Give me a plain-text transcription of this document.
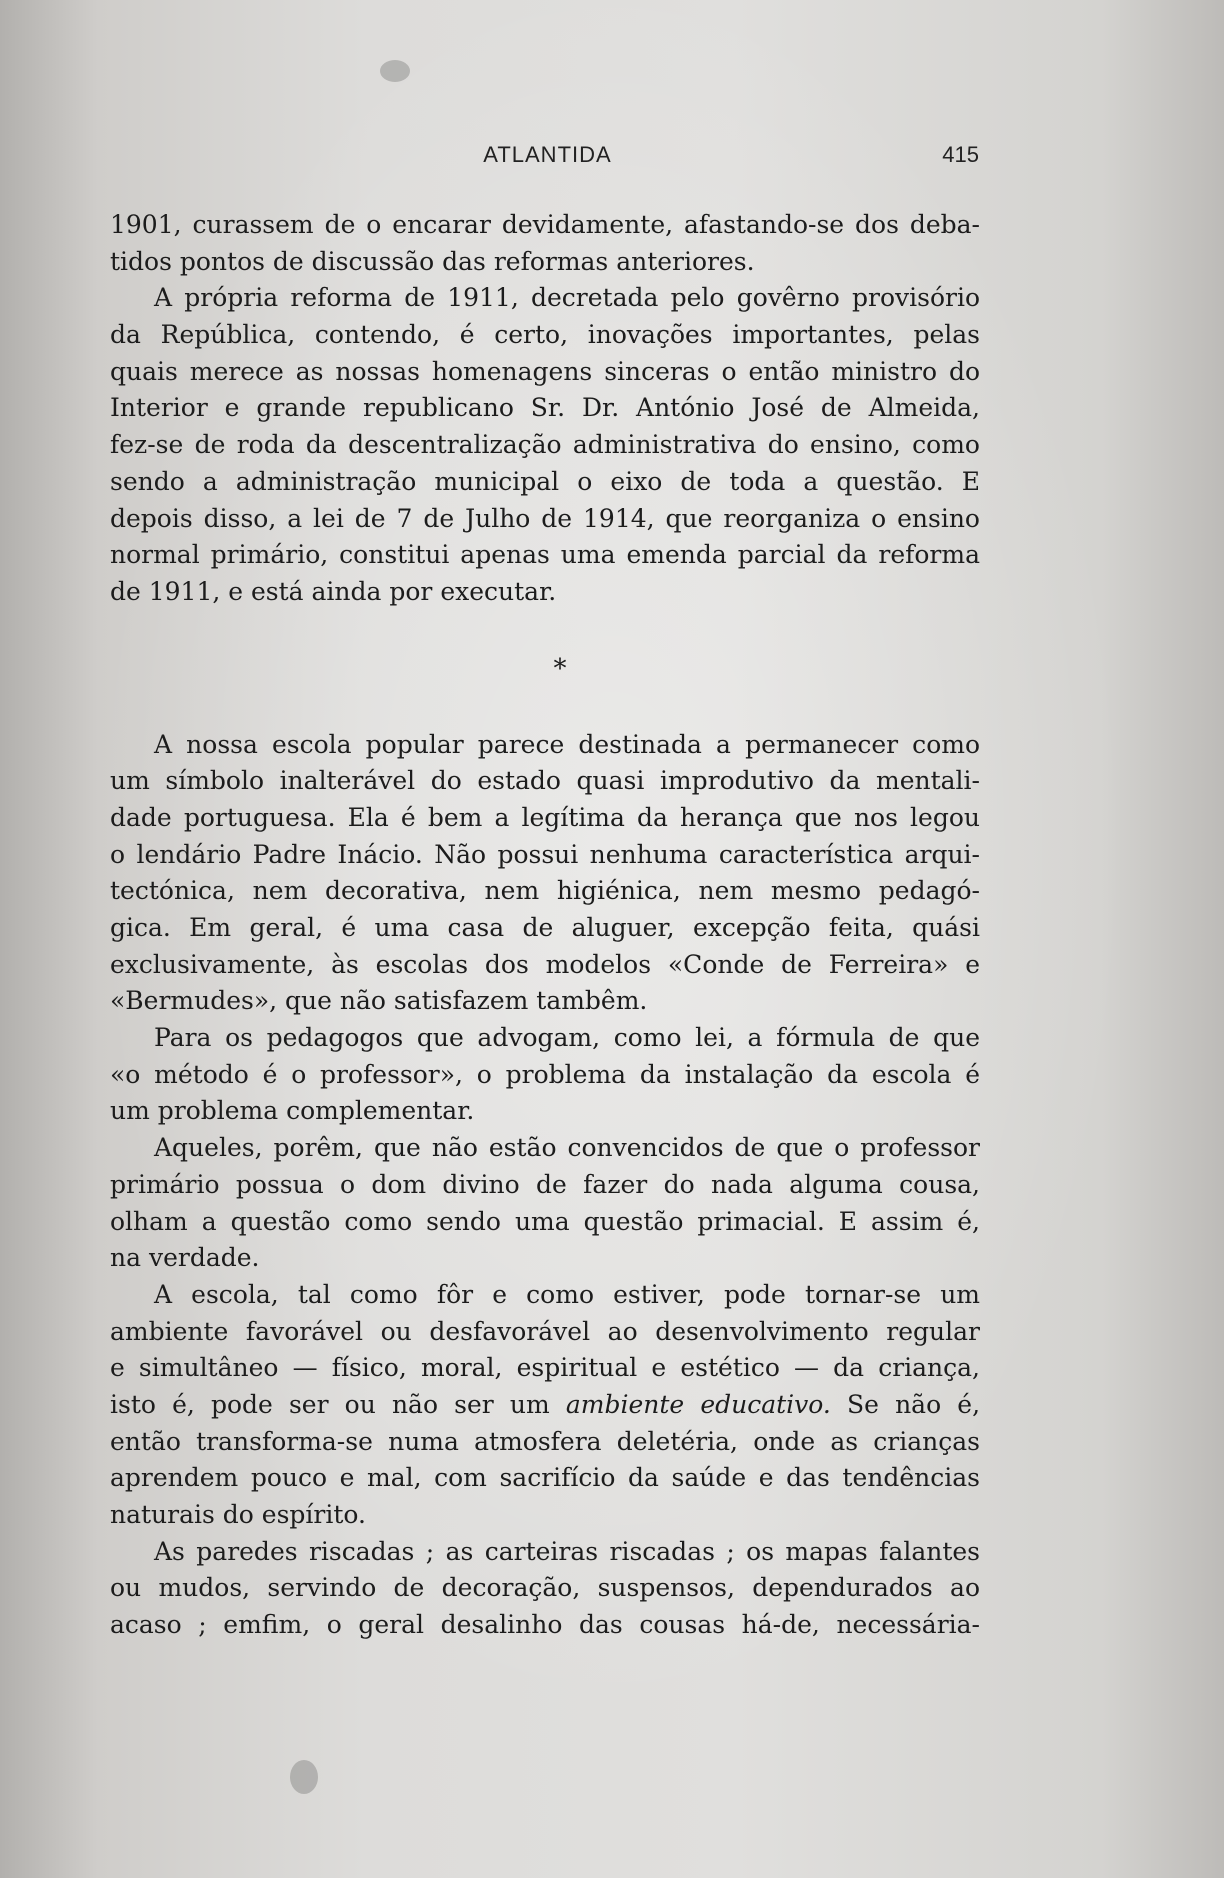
ATLANTIDA	415
1901, curassem de o encarar devidamente, afastando-se dos deba-
tidos pontos de discussão das reformas anteriores.
A própria reforma de 1911, decretada pelo govêrno provisório
da República, contendo, é certo, inovações importantes, pelas
quais merece as nossas homenagens sinceras o então ministro do
Interior e grande republicano Sr. Dr. António José de Almeida,
fez-se de roda da descentralização administrativa do ensino, como
sendo a administração municipal o eixo de toda a questão. E
depois disso, a lei de 7 de Julho de 1914, que reorganiza o ensino
normal primário, constitui apenas uma emenda parcial da reforma
de 1911, e está ainda por executar.
*
A nossa escola popular parece destinada a permanecer como
um símbolo inalterável do estado quasi improdutivo da mentali-
dade portuguesa. Ela é bem a legítima da herança que nos legou
o lendário Padre Inácio. Não possui nenhuma característica arqui-
tectónica, nem decorativa, nem higiénica, nem mesmo pedagó-
gica. Em geral, é uma casa de aluguer, excepção feita, quási
exclusivamente, às escolas dos modelos «Conde de Ferreira» e
«Bermudes», que não satisfazem tambêm.
Para os pedagogos que advogam, como lei, a fórmula de que
«o método é o professor», o problema da instalação da escola é
um problema complementar.
Aqueles, porêm, que não estão convencidos de que o professor
primário possua o dom divino de fazer do nada alguma cousa,
olham a questão como sendo uma questão primacial. E assim é,
na verdade.
A escola, tal como fôr e como estiver, pode tornar-se um
ambiente favorável ou desfavorável ao desenvolvimento regular
e simultâneo — físico, moral, espiritual e estético — da criança,
isto é, pode ser ou não ser um ambiente educativo. Se não é,
então transforma-se numa atmosfera deletéria, onde as crianças
aprendem pouco e mal, com sacrifício da saúde e das tendências
naturais do espírito.
As paredes riscadas ; as carteiras riscadas ; os mapas falantes
ou mudos, servindo de decoração, suspensos, dependurados ao
acaso ; emfim, o geral desalinho das cousas há-de, necessária-
